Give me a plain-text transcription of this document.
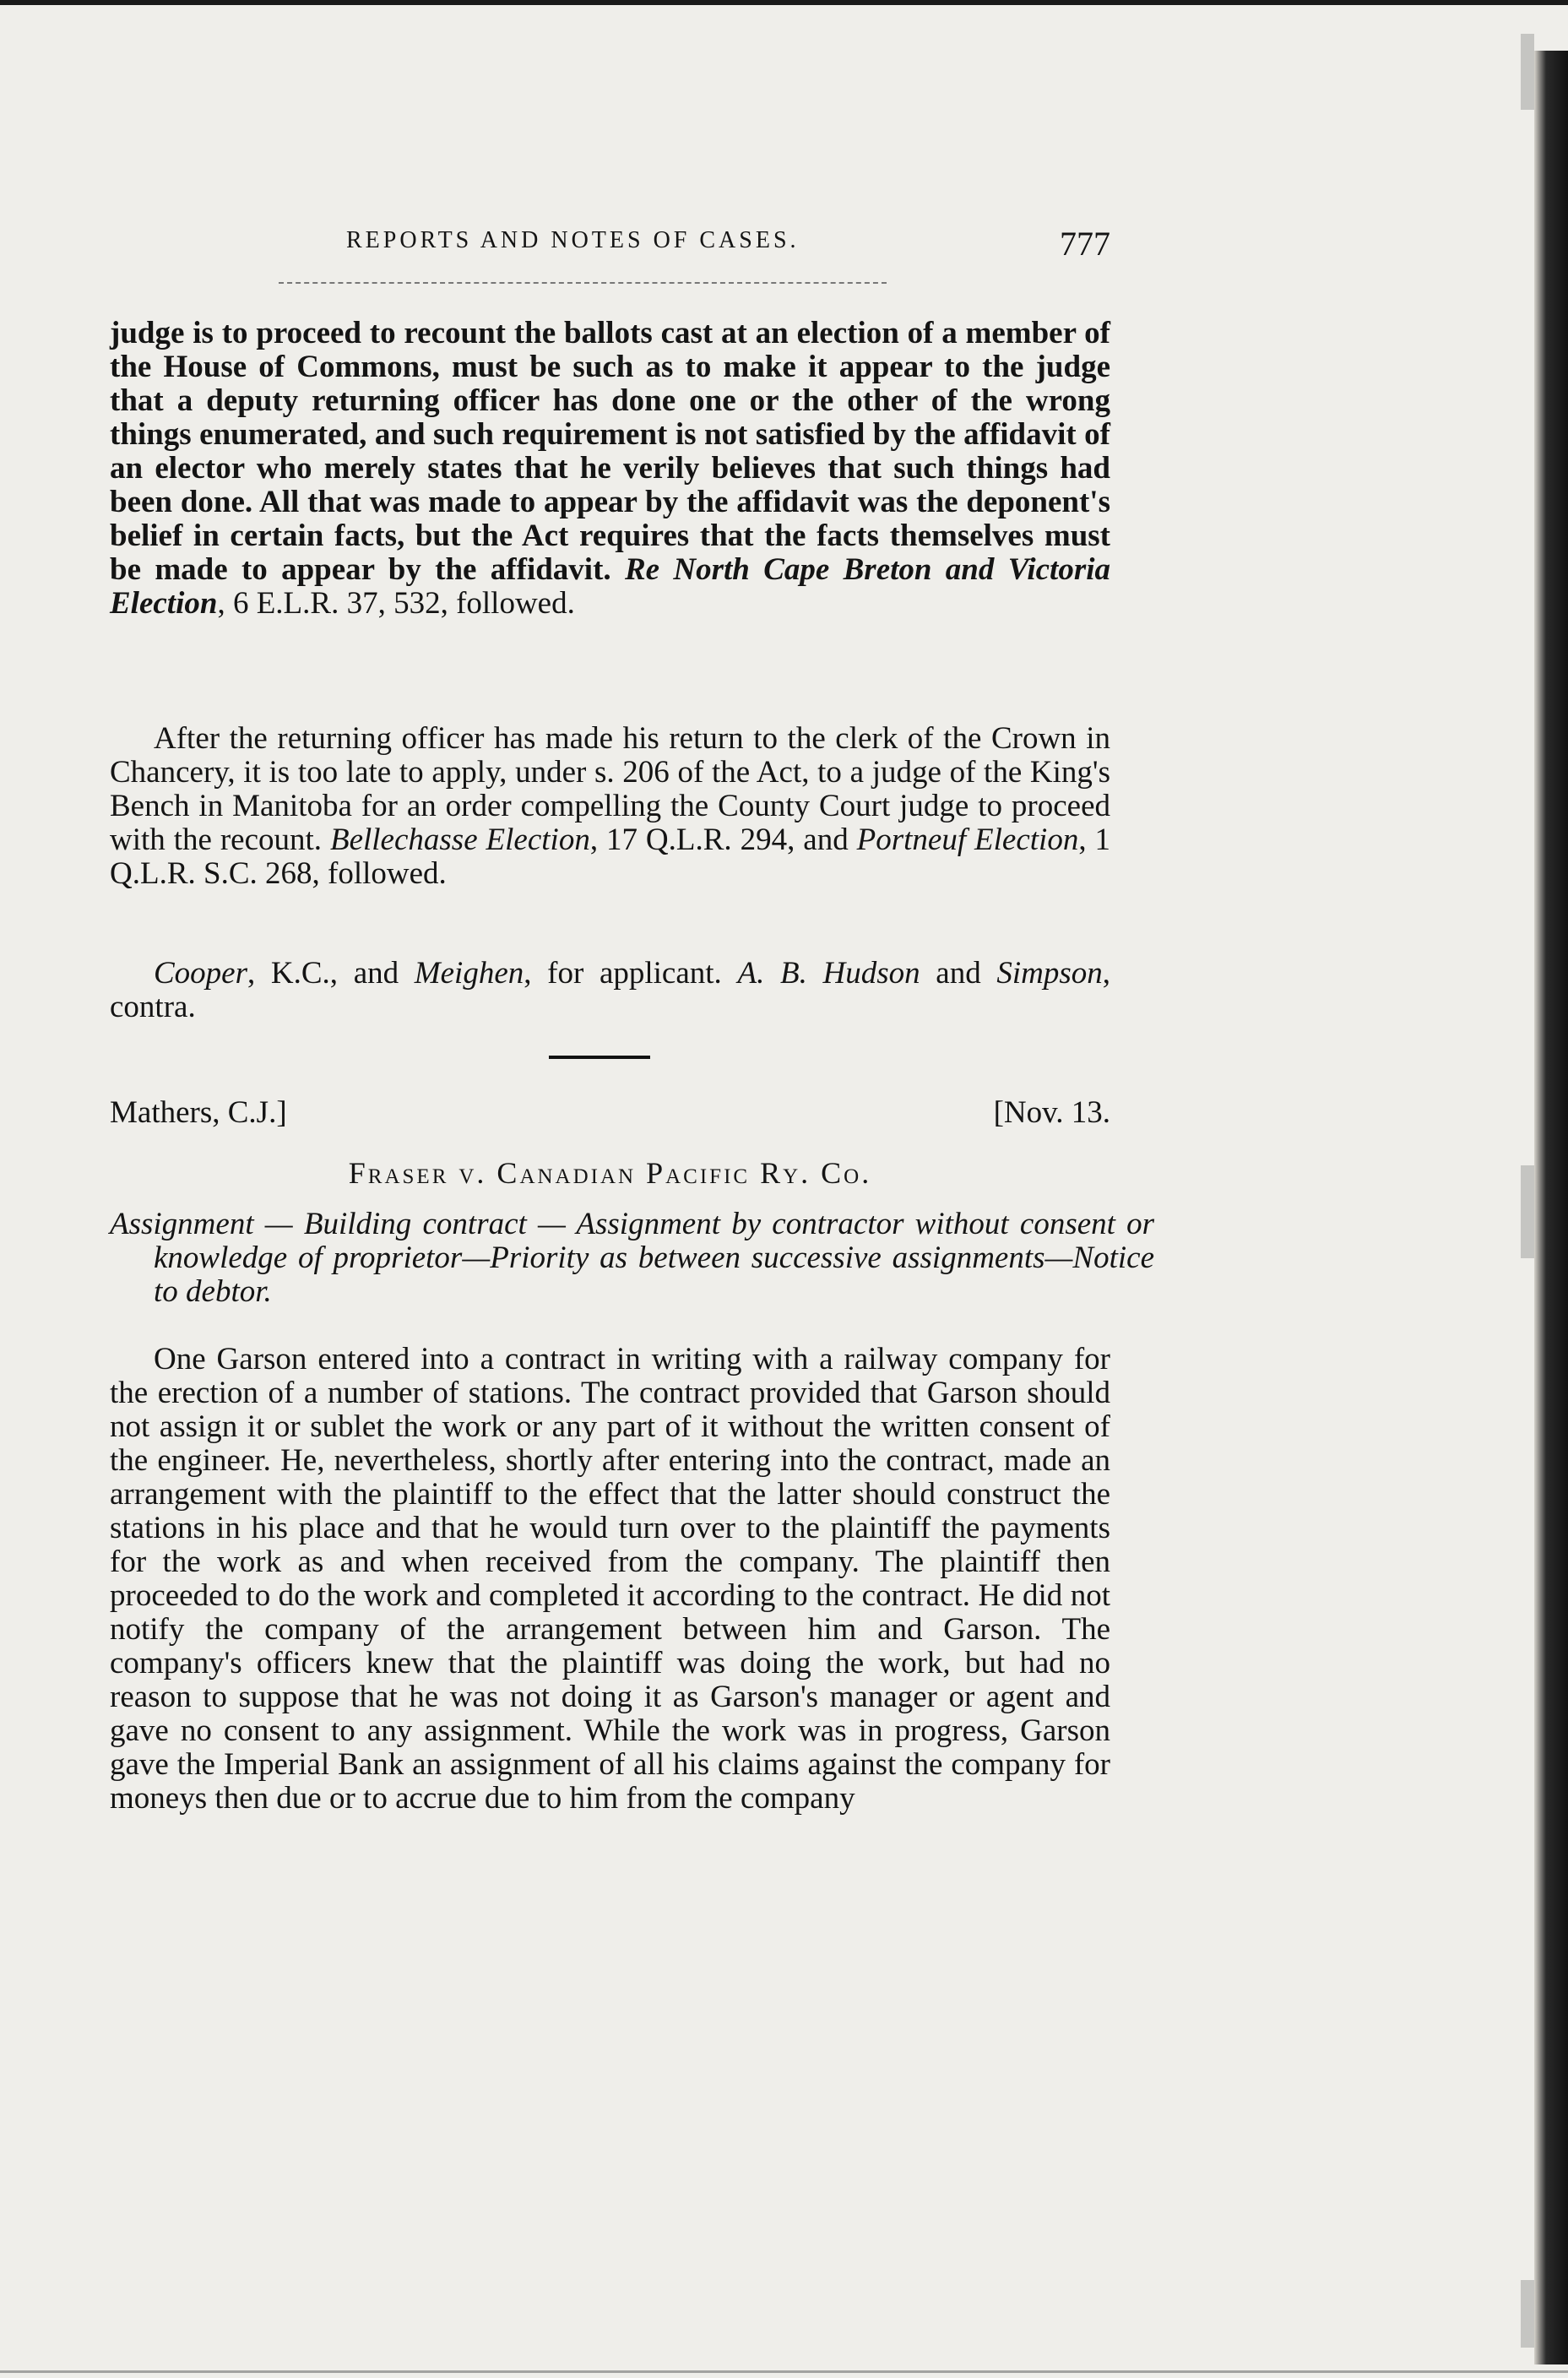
REPORTS AND NOTES OF CASES.	777

judge is to proceed to recount the ballots cast at an election of a member of the House of Commons, must be such as to make it appear to the judge that a deputy returning officer has done one or the other of the wrong things enumerated, and such requirement is not satisfied by the affidavit of an elector who merely states that he verily believes that such things had been done. All that was made to appear by the affidavit was the deponent's belief in certain facts, but the Act requires that the facts themselves must be made to appear by the affidavit. Re North Cape Breton and Victoria Election, 6 E.L.R. 37, 532, followed.

After the returning officer has made his return to the clerk of the Crown in Chancery, it is too late to apply, under s. 206 of the Act, to a judge of the King's Bench in Manitoba for an order compelling the County Court judge to proceed with the recount. Bellechasse Election, 17 Q.L.R. 294, and Portneuf Election, 1 Q.L.R. S.C. 268, followed.

Cooper, K.C., and Meighen, for applicant. A. B. Hudson and Simpson, contra.

Mathers, C.J.]	[Nov. 13.
Fraser v. Canadian Pacific Ry. Co.

Assignment — Building contract — Assignment by contractor without consent or knowledge of proprietor—Priority as between successive assignments—Notice to debtor.

One Garson entered into a contract in writing with a railway company for the erection of a number of stations. The contract provided that Garson should not assign it or sublet the work or any part of it without the written consent of the engineer. He, nevertheless, shortly after entering into the contract, made an arrangement with the plaintiff to the effect that the latter should construct the stations in his place and that he would turn over to the plaintiff the payments for the work as and when received from the company. The plaintiff then proceeded to do the work and completed it according to the contract. He did not notify the company of the arrangement between him and Garson. The company's officers knew that the plaintiff was doing the work, but had no reason to suppose that he was not doing it as Garson's manager or agent and gave no consent to any assignment. While the work was in progress, Garson gave the Imperial Bank an assignment of all his claims against the company for moneys then due or to accrue due to him from the company
